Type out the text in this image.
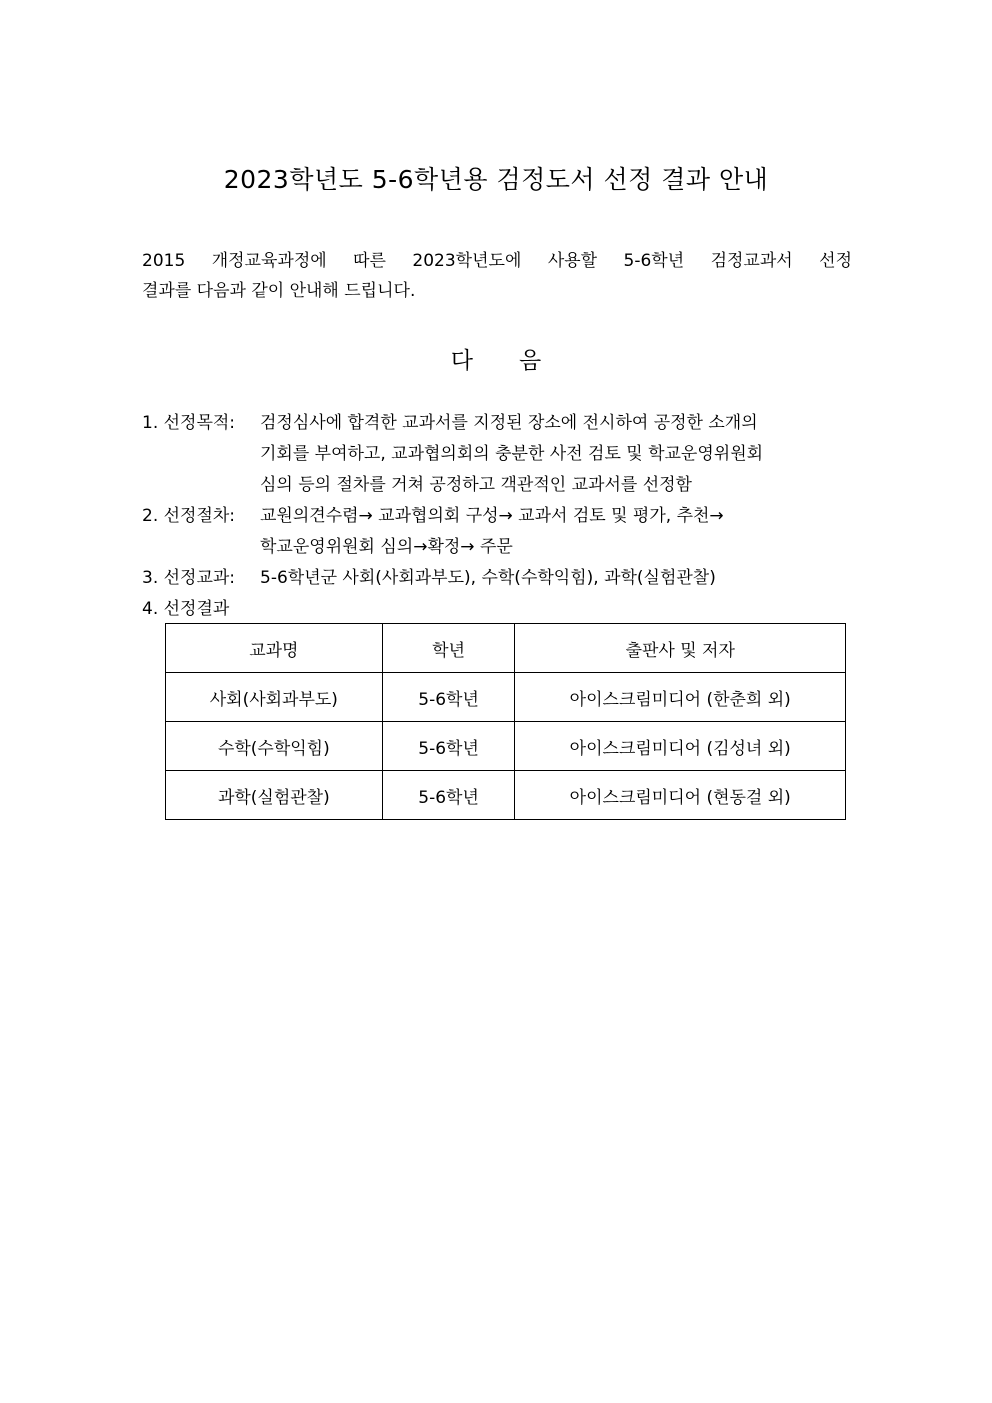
2023학년도 5-6학년용 검정도서 선정 결과 안내

2015 개정교육과정에 따른 2023학년도에 사용할 5-6학년 검정교과서 선정
결과를 다음과 같이 안내해 드립니다.

다 음
1. 선정목적:	검정심사에 합격한 교과서를 지정된 장소에 전시하여 공정한 소개의
기회를 부여하고, 교과협의회의 충분한 사전 검토 및 학교운영위원회
심의 등의 절차를 거쳐 공정하고 객관적인 교과서를 선정함
2. 선정절차:	교원의견수렴→ 교과협의회 구성→ 교과서 검토 및 평가, 추천→
학교운영위원회 심의→확정→ 주문
3. 선정교과:	5-6학년군 사회(사회과부도), 수학(수학익힘), 과학(실험관찰)
4. 선정결과
교과명	학년	출판사 및 저자
사회(사회과부도)	5-6학년	아이스크림미디어 (한춘희 외)
수학(수학익힘)	5-6학년	아이스크림미디어 (김성녀 외)
과학(실험관찰)	5-6학년	아이스크림미디어 (현동걸 외)
